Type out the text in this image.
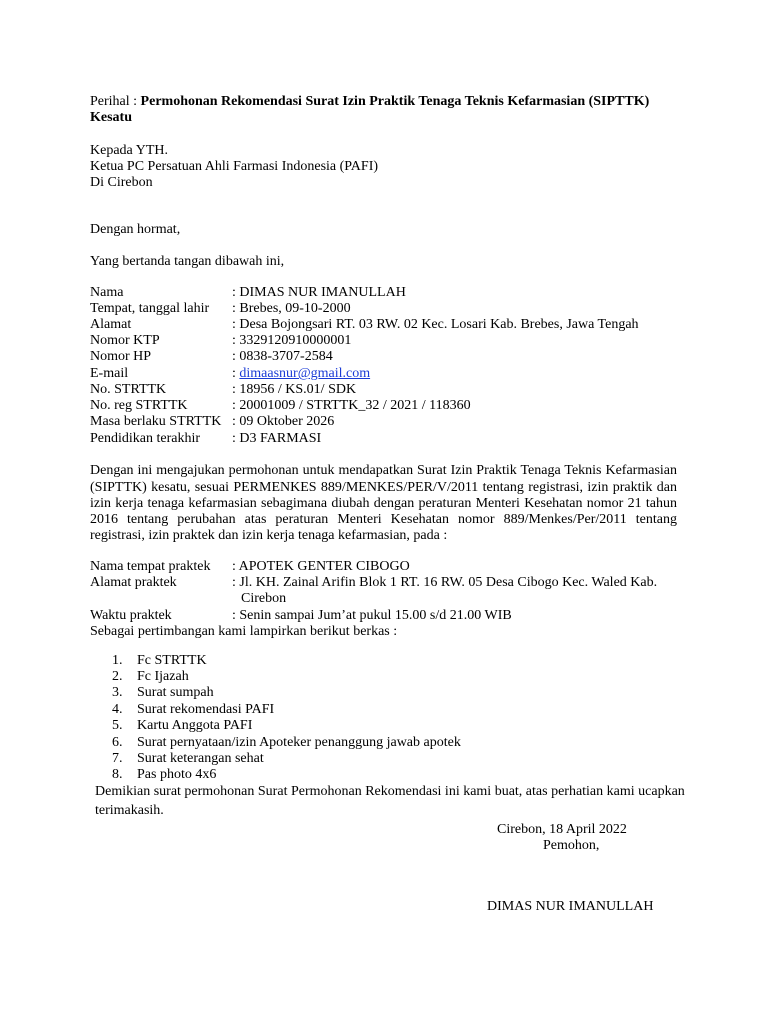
Perihal : Permohonan Rekomendasi Surat Izin Praktik Tenaga Teknis Kefarmasian (SIPTTK)
Kesatu
Kepada YTH.
Ketua PC Persatuan Ahli Farmasi Indonesia (PAFI)
Di Cirebon
Dengan hormat,
Yang bertanda tangan dibawah ini,
Nama	: DIMAS NUR IMANULLAH
Tempat, tanggal lahir : Brebes, 09-10-2000
Alamat	: Desa Bojongsari RT. 03 RW. 02 Kec. Losari Kab. Brebes, Jawa Tengah
Nomor KTP	: 3329120910000001
Nomor HP	: 0838-3707-2584
E-mail	: dimaasnur@gmail.com
No. STRTTK	: 18956 / KS.01/ SDK
No. reg STRTTK	: 20001009 / STRTTK_32 / 2021 / 118360
Masa berlaku STRTTK : 09 Oktober 2026
Pendidikan terakhir : D3 FARMASI
Dengan ini mengajukan permohonan untuk mendapatkan Surat Izin Praktik Tenaga Teknis Kefarmasian
(SIPTTK) kesatu, sesuai PERMENKES 889/MENKES/PER/V/2011 tentang registrasi, izin praktik dan
izin kerja tenaga kefarmasian sebagimana diubah dengan peraturan Menteri Kesehatan nomor 21 tahun
2016 tentang perubahan atas peraturan Menteri Kesehatan nomor 889/Menkes/Per/2011 tentang
registrasi, izin praktek dan izin kerja tenaga kefarmasian, pada :
Nama tempat praktek : APOTEK GENTER CIBOGO
Alamat praktek	: Jl. KH. Zainal Arifin Blok 1 RT. 16 RW. 05 Desa Cibogo Kec. Waled Kab.
Cirebon
Waktu praktek	: Senin sampai Jum’at pukul 15.00 s/d 21.00 WIB
Sebagai pertimbangan kami lampirkan berikut berkas :
1. Fc STRTTK
2. Fc Ijazah
3. Surat sumpah
4. Surat rekomendasi PAFI
5. Kartu Anggota PAFI
6. Surat pernyataan/izin Apoteker penanggung jawab apotek
7. Surat keterangan sehat
8. Pas photo 4x6
Demikian surat permohonan Surat Permohonan Rekomendasi ini kami buat, atas perhatian kami ucapkan
terimakasih.
Cirebon, 18 April 2022
Pemohon,
DIMAS NUR IMANULLAH
